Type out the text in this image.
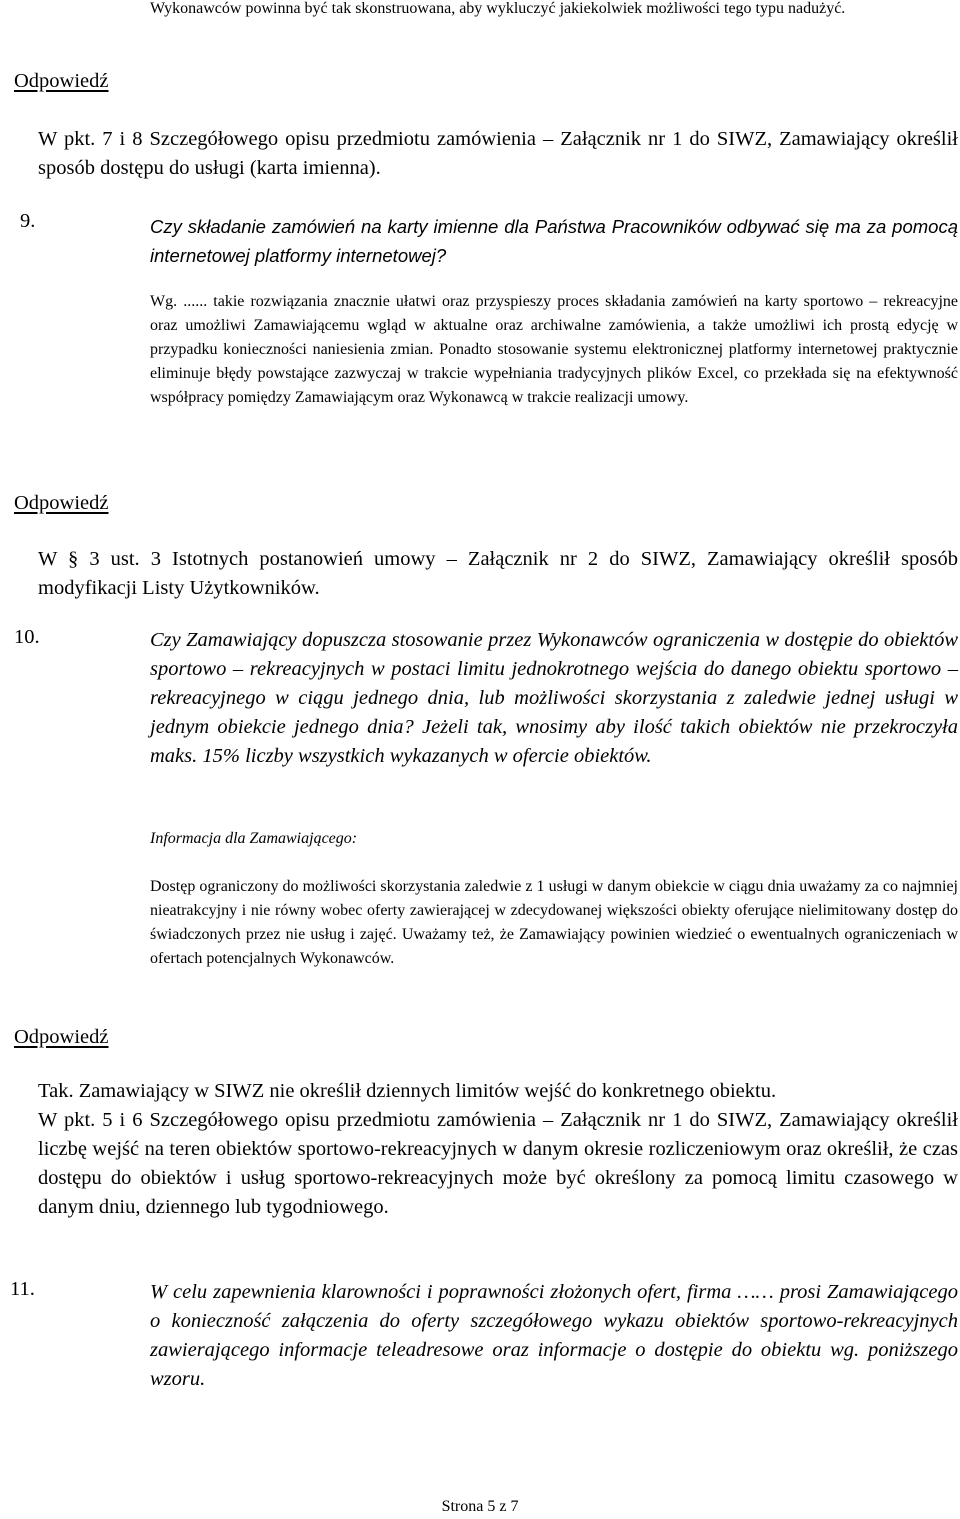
Wykonawców powinna być tak skonstruowana, aby wykluczyć jakiekolwiek możliwości tego typu nadużyć.

Odpowiedź

W pkt. 7 i 8 Szczegółowego opisu przedmiotu zamówienia – Załącznik nr 1 do SIWZ, Zamawiający określił sposób dostępu do usługi (karta imienna).

9.	Czy składanie zamówień na karty imienne dla Państwa Pracowników odbywać się ma za pomocą internetowej platformy internetowej?

Wg. ...... takie rozwiązania znacznie ułatwi oraz przyspieszy proces składania zamówień na karty sportowo – rekreacyjne oraz umożliwi Zamawiającemu wgląd w aktualne oraz archiwalne zamówienia, a także umożliwi ich prostą edycję w przypadku konieczności naniesienia zmian. Ponadto stosowanie systemu elektronicznej platformy internetowej praktycznie eliminuje błędy powstające zazwyczaj w trakcie wypełniania tradycyjnych plików Excel, co przekłada się na efektywność współpracy pomiędzy Zamawiającym oraz Wykonawcą w trakcie realizacji umowy.

Odpowiedź

W § 3 ust. 3 Istotnych postanowień umowy – Załącznik nr 2 do SIWZ, Zamawiający określił sposób modyfikacji Listy Użytkowników.

10.	Czy Zamawiający dopuszcza stosowanie przez Wykonawców ograniczenia w dostępie do obiektów sportowo – rekreacyjnych w postaci limitu jednokrotnego wejścia do danego obiektu sportowo – rekreacyjnego w ciągu jednego dnia, lub możliwości skorzystania z zaledwie jednej usługi w jednym obiekcie jednego dnia? Jeżeli tak, wnosimy aby ilość takich obiektów nie przekroczyła maks. 15% liczby wszystkich wykazanych w ofercie obiektów.

Informacja dla Zamawiającego:

Dostęp ograniczony do możliwości skorzystania zaledwie z 1 usługi w danym obiekcie w ciągu dnia uważamy za co najmniej nieatrakcyjny i nie równy wobec oferty zawierającej w zdecydowanej większości obiekty oferujące nielimitowany dostęp do świadczonych przez nie usług i zajęć. Uważamy też, że Zamawiający powinien wiedzieć o ewentualnych ograniczeniach w ofertach potencjalnych Wykonawców.

Odpowiedź

Tak. Zamawiający w SIWZ nie określił dziennych limitów wejść do konkretnego obiektu.

W pkt. 5 i 6 Szczegółowego opisu przedmiotu zamówienia – Załącznik nr 1 do SIWZ, Zamawiający określił liczbę wejść na teren obiektów sportowo-rekreacyjnych w danym okresie rozliczeniowym oraz określił, że czas dostępu do obiektów i usług sportowo-rekreacyjnych może być określony za pomocą limitu czasowego w danym dniu, dziennego lub tygodniowego.

11.	W celu zapewnienia klarowności i poprawności złożonych ofert, firma …… prosi Zamawiającego o konieczność załączenia do oferty szczegółowego wykazu obiektów sportowo-rekreacyjnych zawierającego informacje teleadresowe oraz informacje o dostępie do obiektu wg. poniższego wzoru.

Strona 5 z 7
